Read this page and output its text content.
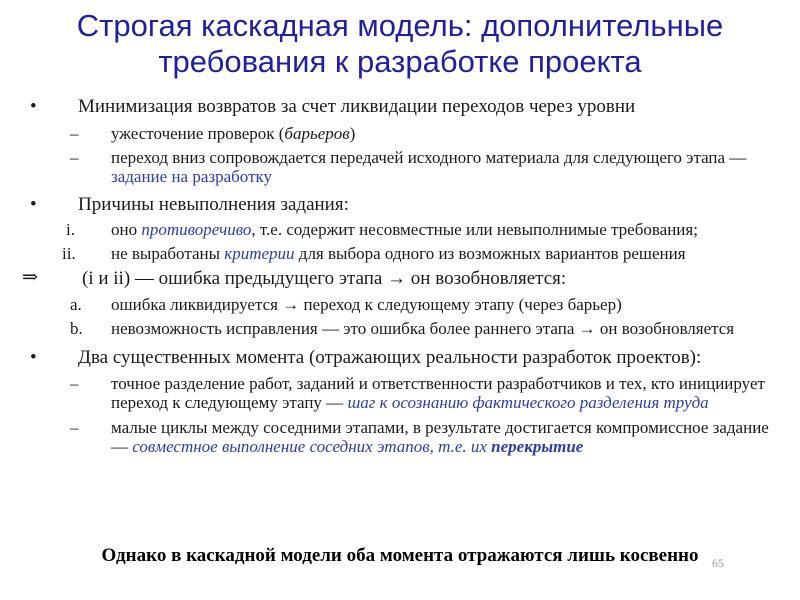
Строгая каскадная модель: дополнительные
требования к разработке проекта
• Минимизация возвратов за счет ликвидации переходов через уровни
– ужесточение проверок (барьеров)
– переход вниз сопровождается передачей исходного материала для следующего этапа — задание на разработку
• Причины невыполнения задания:
i. оно противоречиво, т.е. содержит несовместные или невыполнимые требования;
ii. не выработаны критерии для выбора одного из возможных вариантов решения
⇒ (i и ii) — ошибка предыдущего этапа → он возобновляется:
a. ошибка ликвидируется → переход к следующему этапу (через барьер)
b. невозможность исправления — это ошибка более раннего этапа → он возобновляется
• Два существенных момента (отражающих реальности разработок проектов):
– точное разделение работ, заданий и ответственности разработчиков и тех, кто инициирует переход к следующему этапу — шаг к осознанию фактического разделения труда
– малые циклы между соседними этапами, в результате достигается компромиссное задание — совместное выполнение соседних этапов, т.е. их перекрытие
Однако в каскадной модели оба момента отражаются лишь косвенно	65
